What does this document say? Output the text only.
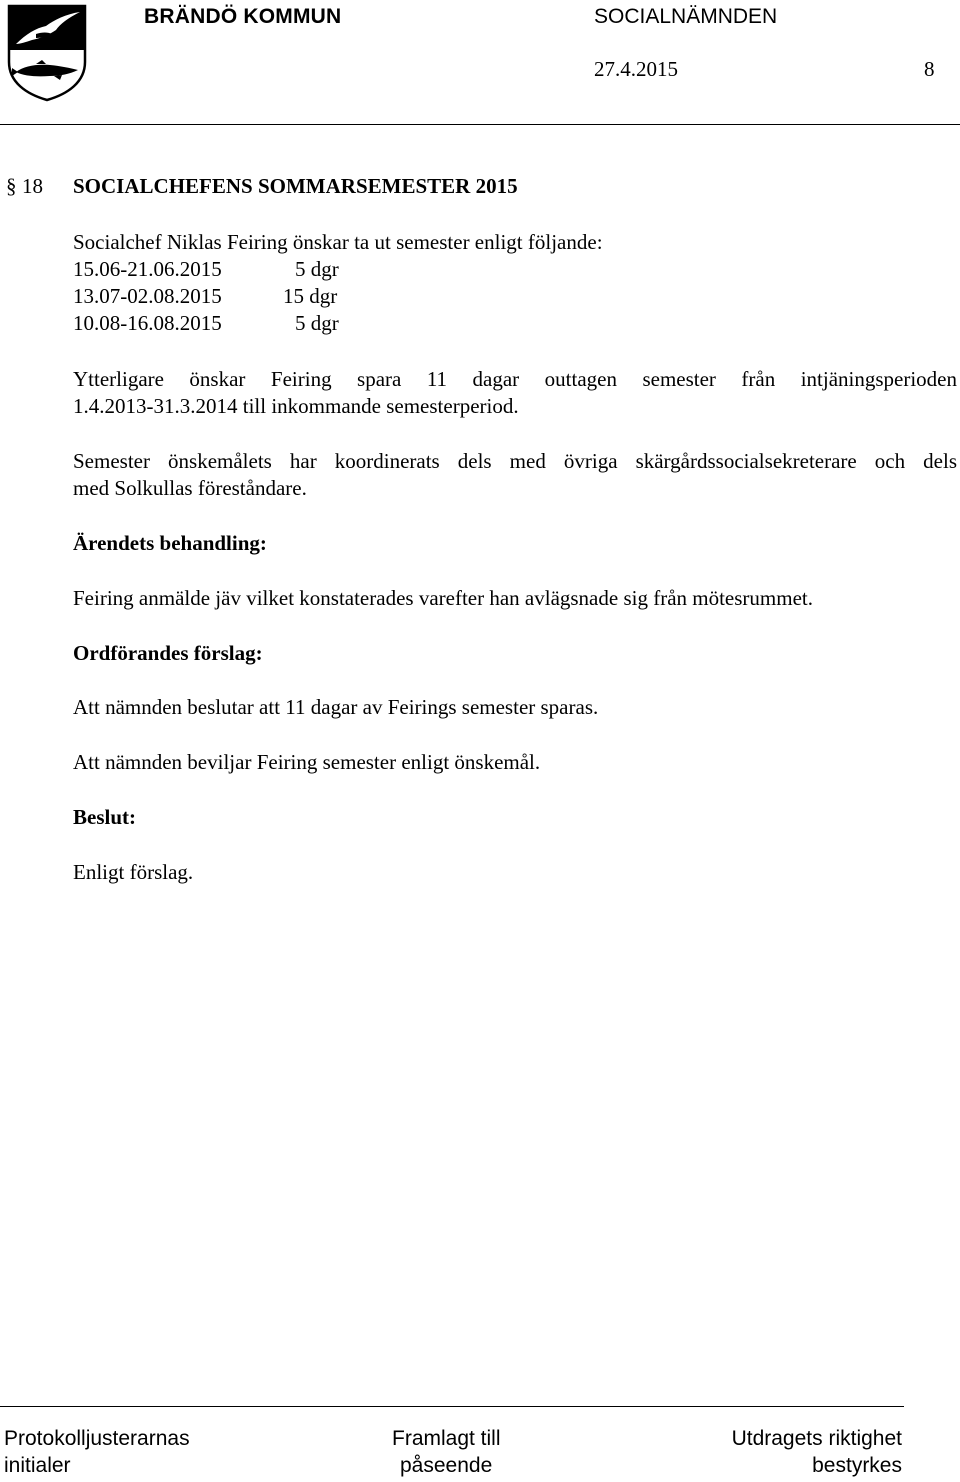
BRÄNDÖ KOMMUN	SOCIALNÄMNDEN
27.4.2015	8
§ 18 SOCIALCHEFENS SOMMARSEMESTER 2015
Socialchef Niklas Feiring önskar ta ut semester enligt följande:
15.06-21.06.2015	5 dgr
13.07-02.08.2015	15 dgr
10.08-16.08.2015	5 dgr
Ytterligare önskar Feiring spara 11 dagar outtagen semester från intjäningsperioden
1.4.2013-31.3.2014 till inkommande semesterperiod.
Semester önskemålets har koordinerats dels med övriga skärgårdssocialsekreterare och dels
med Solkullas föreståndare.
Ärendets behandling:
Feiring anmälde jäv vilket konstaterades varefter han avlägsnade sig från mötesrummet.
Ordförandes förslag:
Att nämnden beslutar att 11 dagar av Feirings semester sparas.
Att nämnden beviljar Feiring semester enligt önskemål.
Beslut:
Enligt förslag.
Protokolljusterarnas
initialer
Framlagt till
påseende
Utdragets riktighet
bestyrkes
